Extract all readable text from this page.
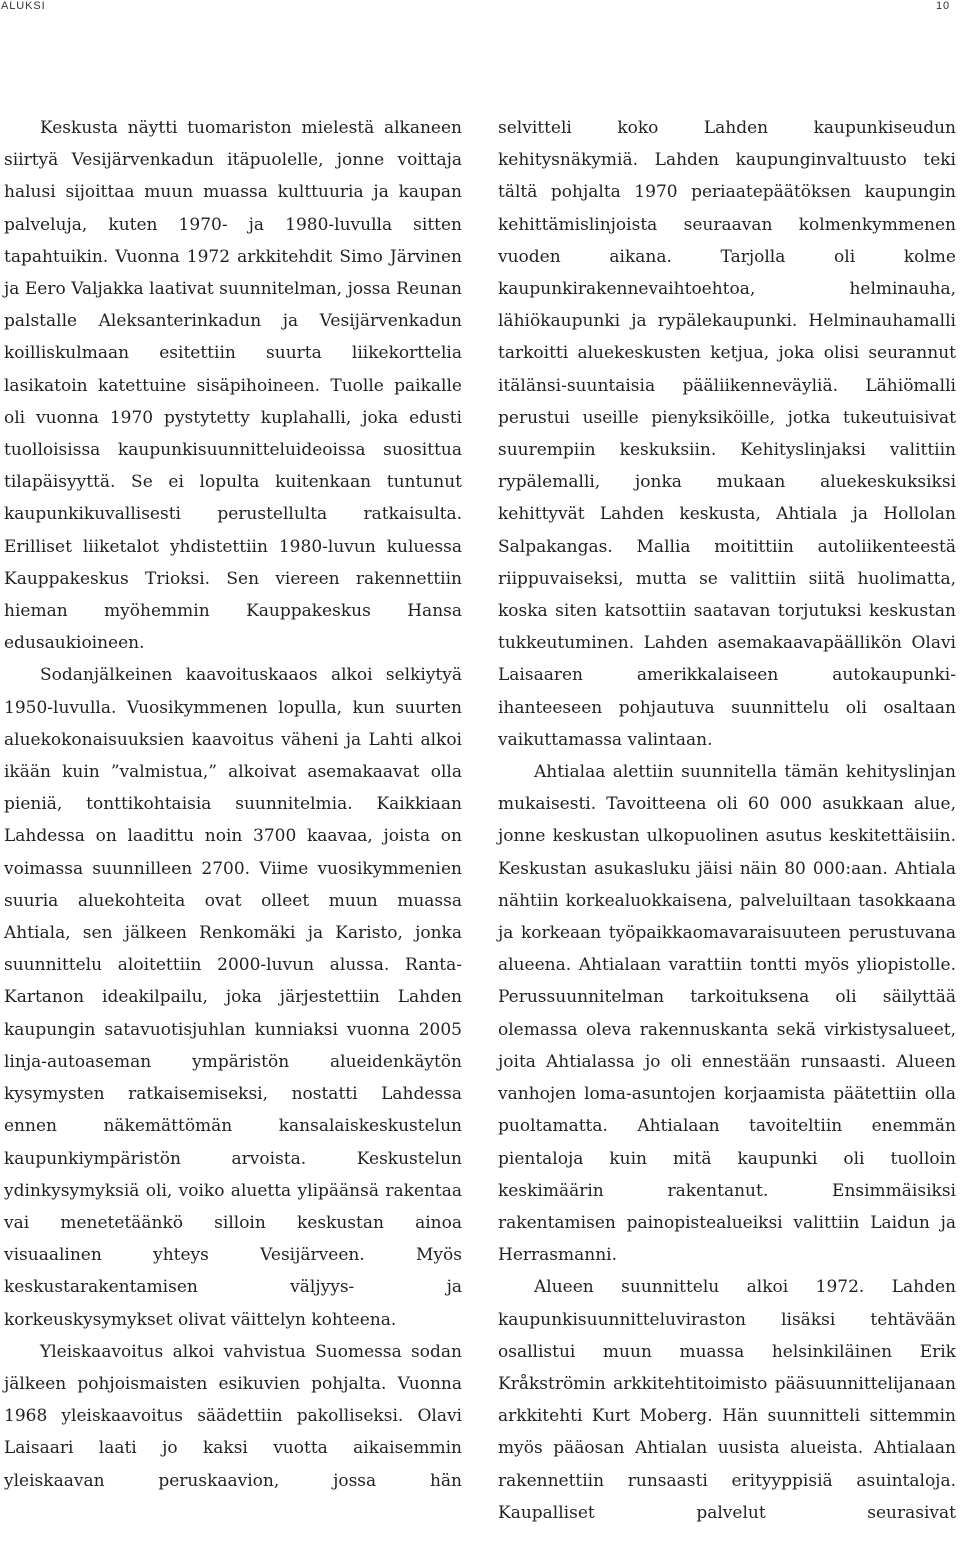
ALUKSI	10

Keskusta näytti tuomariston mielestä alkaneen siirtyä Vesijärvenkadun itäpuolelle, jonne voittaja halusi sijoittaa muun muassa kulttuuria ja kaupan palveluja, kuten 1970- ja 1980-luvulla sitten tapahtuikin. Vuonna 1972 arkkitehdit Simo Järvinen ja Eero Valjakka laativat suunnitelman, jossa Reunan palstalle Aleksanterinkadun ja Vesijärvenkadun koilliskulmaan esitettiin suurta liikekorttelia lasikatoin katettuine sisäpihoineen. Tuolle paikalle oli vuonna 1970 pystytetty kuplahalli, joka edusti tuolloisissa kaupunkisuunnitteluideoissa suosittua tilapäisyyttä. Se ei lopulta kuitenkaan tuntunut kaupunkikuvallisesti perustellulta ratkaisulta. Erilliset liiketalot yhdistettiin 1980-luvun kuluessa Kauppakeskus Trioksi. Sen viereen rakennettiin hieman myöhemmin Kauppakeskus Hansa edusaukioineen.

Sodanjälkeinen kaavoituskaaos alkoi selkiytyä 1950-luvulla. Vuosikymmenen lopulla, kun suurten aluekokonaisuuksien kaavoitus väheni ja Lahti alkoi ikään kuin ”valmistua,” alkoivat asemakaavat olla pieniä, tonttikohtaisia suunnitelmia. Kaikkiaan Lahdessa on laadittu noin 3700 kaavaa, joista on voimassa suunnilleen 2700. Viime vuosikymmenien suuria aluekohteita ovat olleet muun muassa Ahtiala, sen jälkeen Renkomäki ja Karisto, jonka suunnittelu aloitettiin 2000-luvun alussa. Ranta-Kartanon ideakilpailu, joka järjestettiin Lahden kaupungin satavuotisjuhlan kunniaksi vuonna 2005 linja-autoaseman ympäristön alueidenkäytön kysymysten ratkaisemiseksi, nostatti Lahdessa ennen näkemättömän kansalaiskeskustelun kaupunkiympäristön arvoista. Keskustelun ydinkysymyksiä oli, voiko aluetta ylipäänsä rakentaa vai menetetäänkö silloin keskustan ainoa visuaalinen yhteys Vesijärveen. Myös keskustarakentamisen väljyys- ja korkeuskysymykset olivat väittelyn kohteena.

Yleiskaavoitus alkoi vahvistua Suomessa sodan jälkeen pohjoismaisten esikuvien pohjalta. Vuonna 1968 yleiskaavoitus säädettiin pakolliseksi. Olavi Laisaari laati jo kaksi vuotta aikaisemmin yleiskaavan peruskaavion, jossa hän

selvitteli koko Lahden kaupunkiseudun kehitysnäkymiä. Lahden kaupunginvaltuusto teki tältä pohjalta 1970 periaatepäätöksen kaupungin kehittämislinjoista seuraavan kolmenkymmenen vuoden aikana. Tarjolla oli kolme kaupunkirakennevaihtoehtoa, helminauha, lähiökaupunki ja rypälekaupunki. Helminauhamalli tarkoitti aluekeskusten ketjua, joka olisi seurannut itälänsi-suuntaisia pääliikenneväyliä. Lähiömalli perustui useille pienyksiköille, jotka tukeutuisivat suurempiin keskuksiin. Kehityslinjaksi valittiin rypälemalli, jonka mukaan aluekeskuksiksi kehittyvät Lahden keskusta, Ahtiala ja Hollolan Salpakangas. Mallia moitittiin autoliikenteestä riippuvaiseksi, mutta se valittiin siitä huolimatta, koska siten katsottiin saatavan torjutuksi keskustan tukkeutuminen. Lahden asemakaavapäällikön Olavi Laisaaren amerikkalaiseen autokaupunki-ihanteeseen pohjautuva suunnittelu oli osaltaan vaikuttamassa valintaan.

Ahtialaa alettiin suunnitella tämän kehityslinjan mukaisesti. Tavoitteena oli 60 000 asukkaan alue, jonne keskustan ulkopuolinen asutus keskitettäisiin. Keskustan asukasluku jäisi näin 80 000:aan. Ahtiala nähtiin korkealuokkaisena, palveluiltaan tasokkaana ja korkeaan työpaikkaomavaraisuuteen perustuvana alueena. Ahtialaan varattiin tontti myös yliopistolle. Perussuunnitelman tarkoituksena oli säilyttää olemassa oleva rakennuskanta sekä virkistysalueet, joita Ahtialassa jo oli ennestään runsaasti. Alueen vanhojen loma-asuntojen korjaamista päätettiin olla puoltamatta. Ahtialaan tavoiteltiin enemmän pientaloja kuin mitä kaupunki oli tuolloin keskimäärin rakentanut. Ensimmäisiksi rakentamisen painopistealueiksi valittiin Laidun ja Herrasmanni.

Alueen suunnittelu alkoi 1972. Lahden kaupunkisuunnitteluviraston lisäksi tehtävään osallistui muun muassa helsinkiläinen Erik Kråkströmin arkkitehtitoimisto pääsuunnittelijanaan arkkitehti Kurt Moberg. Hän suunnitteli sittemmin myös pääosan Ahtialan uusista alueista. Ahtialaan rakennettiin runsaasti erityyppisiä asuintaloja. Kaupalliset palvelut seurasivat
